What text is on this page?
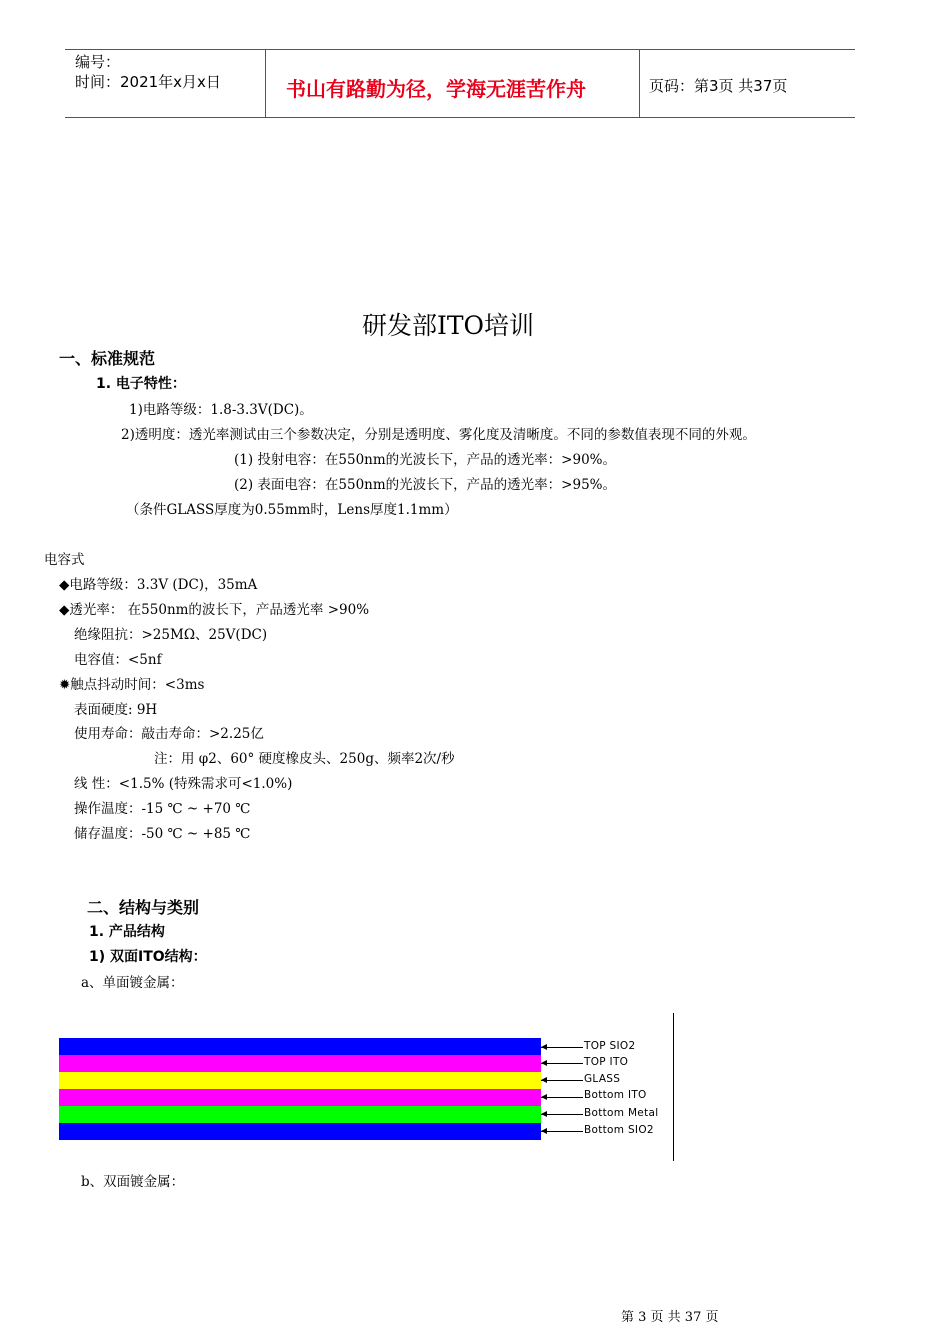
编号：
时间：2021年x月x日	书山有路勤为径，学海无涯苦作舟	页码：第3页 共37页
研发部ITO培训
一、标准规范
1. 电子特性：
1)电路等级：1.8-3.3V(DC)。
2)透明度：透光率测试由三个参数决定，分别是透明度、雾化度及清晰度。不同的参数值表现不同的外观。
(1) 投射电容：在550nm的光波长下，产品的透光率：>90%。
(2) 表面电容：在550nm的光波长下，产品的透光率：>95%。
（条件GLASS厚度为0.55mm时，Lens厚度1.1mm）
电容式
◆电路等级：3.3V (DC)，35mA
◆透光率： 在550nm的波长下，产品透光率 >90%
绝缘阻抗：>25MΩ、25V(DC)
电容值：<5nf
✹触点抖动时间：<3ms
表面硬度: 9H
使用寿命：敲击寿命：>2.25亿
注：用 φ2、60° 硬度橡皮头、250g、频率2次/秒
线 性：<1.5% (特殊需求可<1.0%)
操作温度：-15 ℃ ~ +70 ℃
储存温度：-50 ℃ ~ +85 ℃
二、结构与类别
1. 产品结构
1) 双面ITO结构：
a、单面镀金属：
TOP SIO2
TOP ITO
GLASS
Bottom ITO
Bottom Metal
Bottom SIO2
b、双面镀金属：
第 3 页 共 37 页
